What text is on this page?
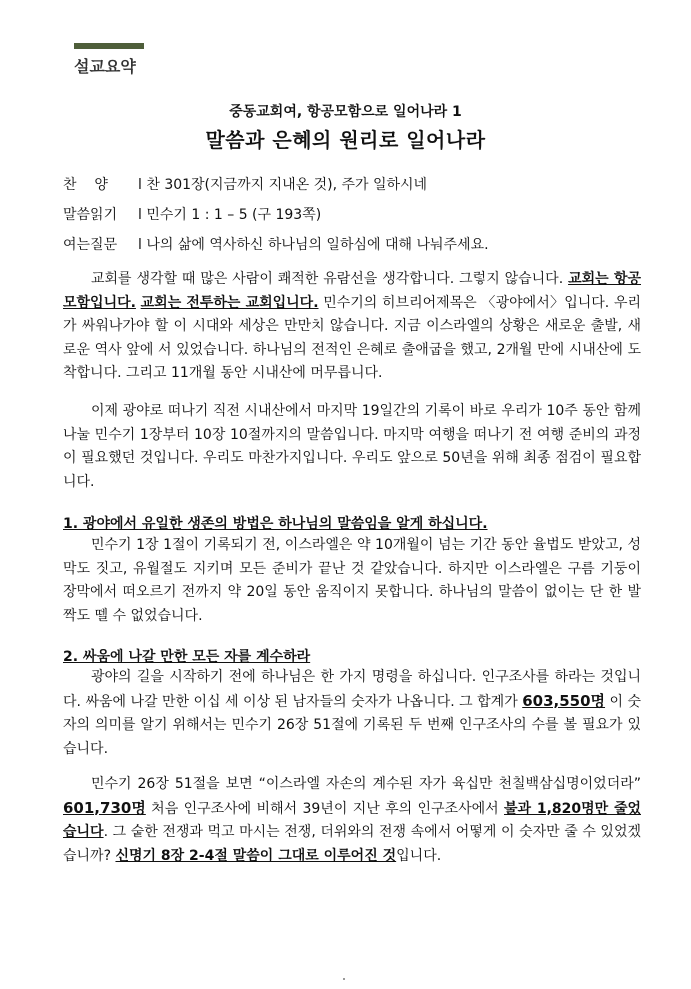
설교요약
중동교회여, 항공모함으로 일어나라 1
말씀과 은혜의 원리로 일어나라
찬    양 l 찬 301장(지금까지 지내온 것), 주가 일하시네
말씀읽기 l 민수기 1 : 1 – 5 (구 193쪽)
여는질문 l 나의 삶에 역사하신 하나님의 일하심에 대해 나눠주세요.

교회를 생각할 때 많은 사람이 쾌적한 유람선을 생각합니다. 그렇지 않습니다. 교회는 항공모함입니다. 교회는 전투하는 교회입니다. 민수기의 히브리어제목은 〈광야에서〉입니다. 우리가 싸워나가야 할 이 시대와 세상은 만만치 않습니다. 지금 이스라엘의 상황은 새로운 출발, 새로운 역사 앞에 서 있었습니다. 하나님의 전적인 은혜로 출애굽을 했고, 2개월 만에 시내산에 도착합니다. 그리고 11개월 동안 시내산에 머무릅니다.

이제 광야로 떠나기 직전 시내산에서 마지막 19일간의 기록이 바로 우리가 10주 동안 함께 나눌 민수기 1장부터 10장 10절까지의 말씀입니다. 마지막 여행을 떠나기 전 여행 준비의 과정이 필요했던 것입니다. 우리도 마찬가지입니다. 우리도 앞으로 50년을 위해 최종 점검이 필요합니다.

1. 광야에서 유일한 생존의 방법은 하나님의 말씀임을 알게 하십니다.

민수기 1장 1절이 기록되기 전, 이스라엘은 약 10개월이 넘는 기간 동안 율법도 받았고, 성막도 짓고, 유월절도 지키며 모든 준비가 끝난 것 같았습니다. 하지만 이스라엘은 구름 기둥이 장막에서 떠오르기 전까지 약 20일 동안 움직이지 못합니다. 하나님의 말씀이 없이는 단 한 발짝도 뗄 수 없었습니다.

2. 싸움에 나갈 만한 모든 자를 계수하라

광야의 길을 시작하기 전에 하나님은 한 가지 명령을 하십니다. 인구조사를 하라는 것입니다. 싸움에 나갈 만한 이십 세 이상 된 남자들의 숫자가 나옵니다. 그 합계가 603,550명 이 숫자의 의미를 알기 위해서는 민수기 26장 51절에 기록된 두 번째 인구조사의 수를 볼 필요가 있습니다.

민수기 26장 51절을 보면 “이스라엘 자손의 계수된 자가 육십만 천칠백삼십명이었더라” 601,730명 처음 인구조사에 비해서 39년이 지난 후의 인구조사에서 불과 1,820명만 줄었습니다. 그 숱한 전쟁과 먹고 마시는 전쟁, 더위와의 전쟁 속에서 어떻게 이 숫자만 줄 수 있었겠습니까? 신명기 8장 2-4절 말씀이 그대로 이루어진 것입니다.
